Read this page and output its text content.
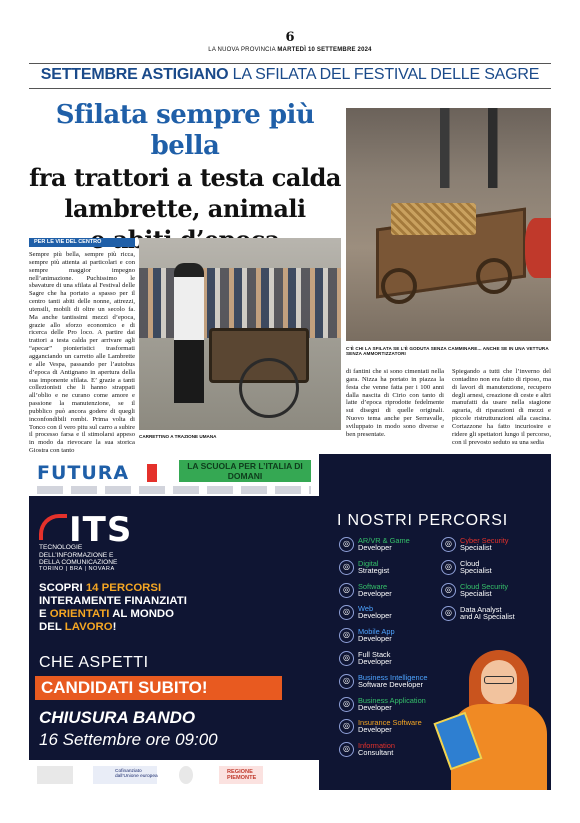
6
LA NUOVA PROVINCIA MARTEDÌ 10 SETTEMBRE 2024
SETTEMBRE ASTIGIANO LA SFILATA DEL FESTIVAL DELLE SAGRE
Sfilata sempre più bella
fra trattori a testa calda
lambrette, animali
C’È CHI LA SFILATA SE L’È GODUTA SENZA CAMMINARE... ANCHE SE IN UNA VETTURA SENZA AMMORTIZZATORI
PER LE VIE DEL CENTRO
Sempre più bella, sempre più ricca, sempre più attenta ai particolari e con sempre maggior impegno nell’animazione. Puchissimo le sbavature di una sfilata al Festival delle Sagre che ha portato a spasso per il centro tanti abiti delle nonne, attrezzi, utensili, mobili di oltre un secolo fa. Ma anche tantissimi mezzi d’epoca, grazie allo sforzo economico e di ricerca delle Pro loco. A partire dai trattori a testa calda per arrivare agli “apecar” pionieristici trasformati agganciando un carretto alle Lambrette e alle Vespa, passando per l’autobus d’epoca di Antignano in apertura della sua imponente sfilata. E’ grazie a tanti collezionisti che li hanno strappati all’oblio e ne curano come amore e passione la manutenzione, se il pubblico può ancora godere di quegli inconfondibili rombi. Prima volta di Tonco con il vero pitu sul carro a subire il processo farsa e il stimolarsi appeso in modo da rievocare la sua storica Giostra con tanto
CARRETTINO A TRAZIONE UMANA
di fantini che si sono cimentati nella gara. Nizza ha portato in piazza la festa che venne fatta per i 100 anni dalla nascita di Cirio con tanto di latte d’epoca riprodotte fedelmente sui disegni di quelle originali. Nuovo tema anche per Serravalle, sviluppato in modo sono diverse e ben presentate.
Spiegando a tutti che l’inverno del contadino non era fatto di riposo, ma di lavori di manutenzione, recupero degli arnesi, creazione di ceste e altri manufatti da usare nella stagione agraria, di riparazioni di mezzi e piccole ristrutturazioni alla cascina. Cortazzone ha fatto incuriosire e ridere gli spettatori lungo il percorso, con il prevosto seduto su una sedia
FUTURA	LA SCUOLA PER L’ITALIA DI DOMANI
ITS
TECNOLOGIE
DELL’INFORMAZIONE E
DELLA COMUNICAZIONE
TORINO | BRA | NOVARA
SCOPRI 14 PERCORSI
INTERAMENTE FINANZIATI
E ORIENTATI AL MONDO
DEL LAVORO!
CHE ASPETTI
CANDIDATI SUBITO!
CHIUSURA BANDO
16 Settembre ore 09:00
Cofinanziato dall’Unione europea
REGIONE PIEMONTE
I NOSTRI PERCORSI
◎	AR/VR & Game
Developer
◎	Digital
Strategist
◎	Software
Developer
◎	Web
Developer
◎	Mobile App
Developer
◎	Full Stack
Developer
◎	Business Intelligence
Software Developer
◎	Business Application
Developer
◎	Insurance Software
Developer
◎	Information
Consultant
◎	Cyber Security
Specialist
◎	Cloud
Specialist
◎	Cloud Security
Specialist
◎	Data Analyst
and AI Specialist
